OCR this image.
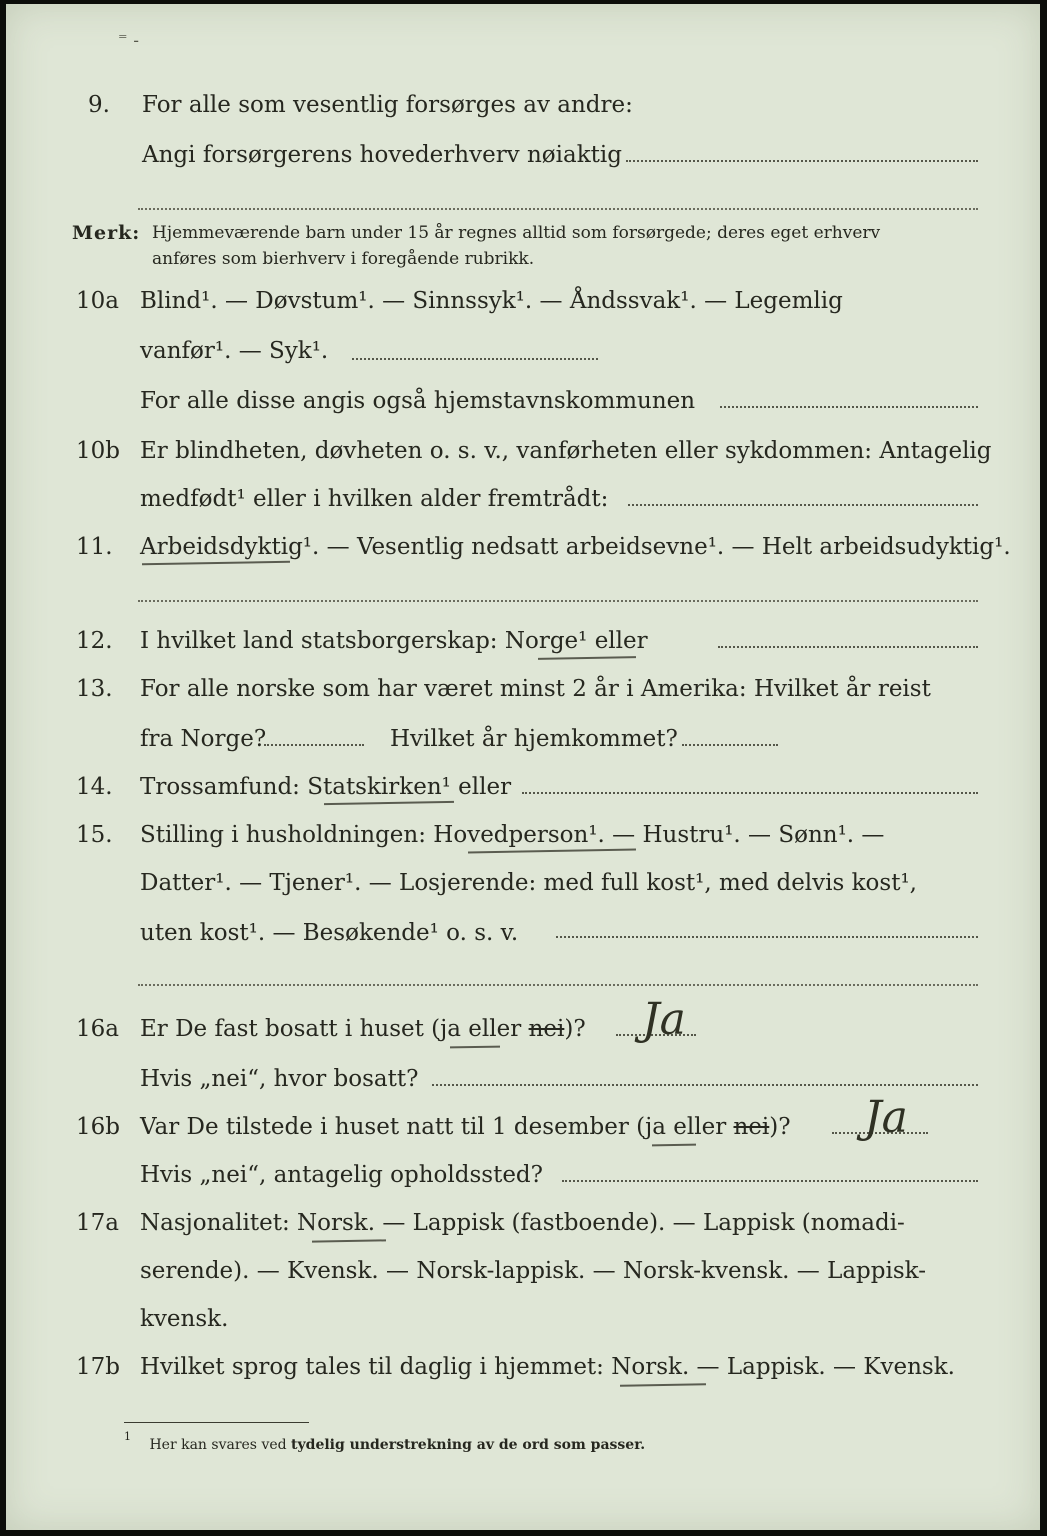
⁼ ˗
9.	For alle som vesentlig forsørges av andre:
Angi forsørgerens hovederhverv nøiaktig
Merk: Hjemmeværende barn under 15 år regnes alltid som forsørgede; deres eget erhverv
anføres som bierhverv i foregående rubrikk.
10a Blind¹. — Døvstum¹. — Sinnssyk¹. — Åndssvak¹. — Legemlig
vanfør¹. — Syk¹.
For alle disse angis også hjemstavnskommunen
10b Er blindheten, døvheten o. s. v., vanførheten eller sykdommen: Antagelig
medfødt¹ eller i hvilken alder fremtrådt:
11.	Arbeidsdyktig¹. — Vesentlig nedsatt arbeidsevne¹. — Helt arbeidsudyktig¹.
12.	I hvilket land statsborgerskap: Norge¹ eller
13.	For alle norske som har været minst 2 år i Amerika: Hvilket år reist
fra Norge?	Hvilket år hjemkommet?
14.	Trossamfund: Statskirken¹ eller
15.	Stilling i husholdningen: Hovedperson¹. — Hustru¹. — Sønn¹. —
Datter¹. — Tjener¹. — Losjerende: med full kost¹, med delvis kost¹,
uten kost¹. — Besøkende¹ o. s. v.
16a Er De fast bosatt i huset (ja eller nei)? Ja
Hvis „nei“, hvor bosatt?
16b Var De tilstede i huset natt til 1 desember (ja eller nei)? Ja
Hvis „nei“, antagelig opholdssted?
17a Nasjonalitet: Norsk. — Lappisk (fastboende). — Lappisk (nomadi-
serende). — Kvensk. — Norsk-lappisk. — Norsk-kvensk. — Lappisk-
kvensk.
17b Hvilket sprog tales til daglig i hjemmet: Norsk. — Lappisk. — Kvensk.
$^1$ Her kan svares ved tydelig understrekning av de ord som passer.
